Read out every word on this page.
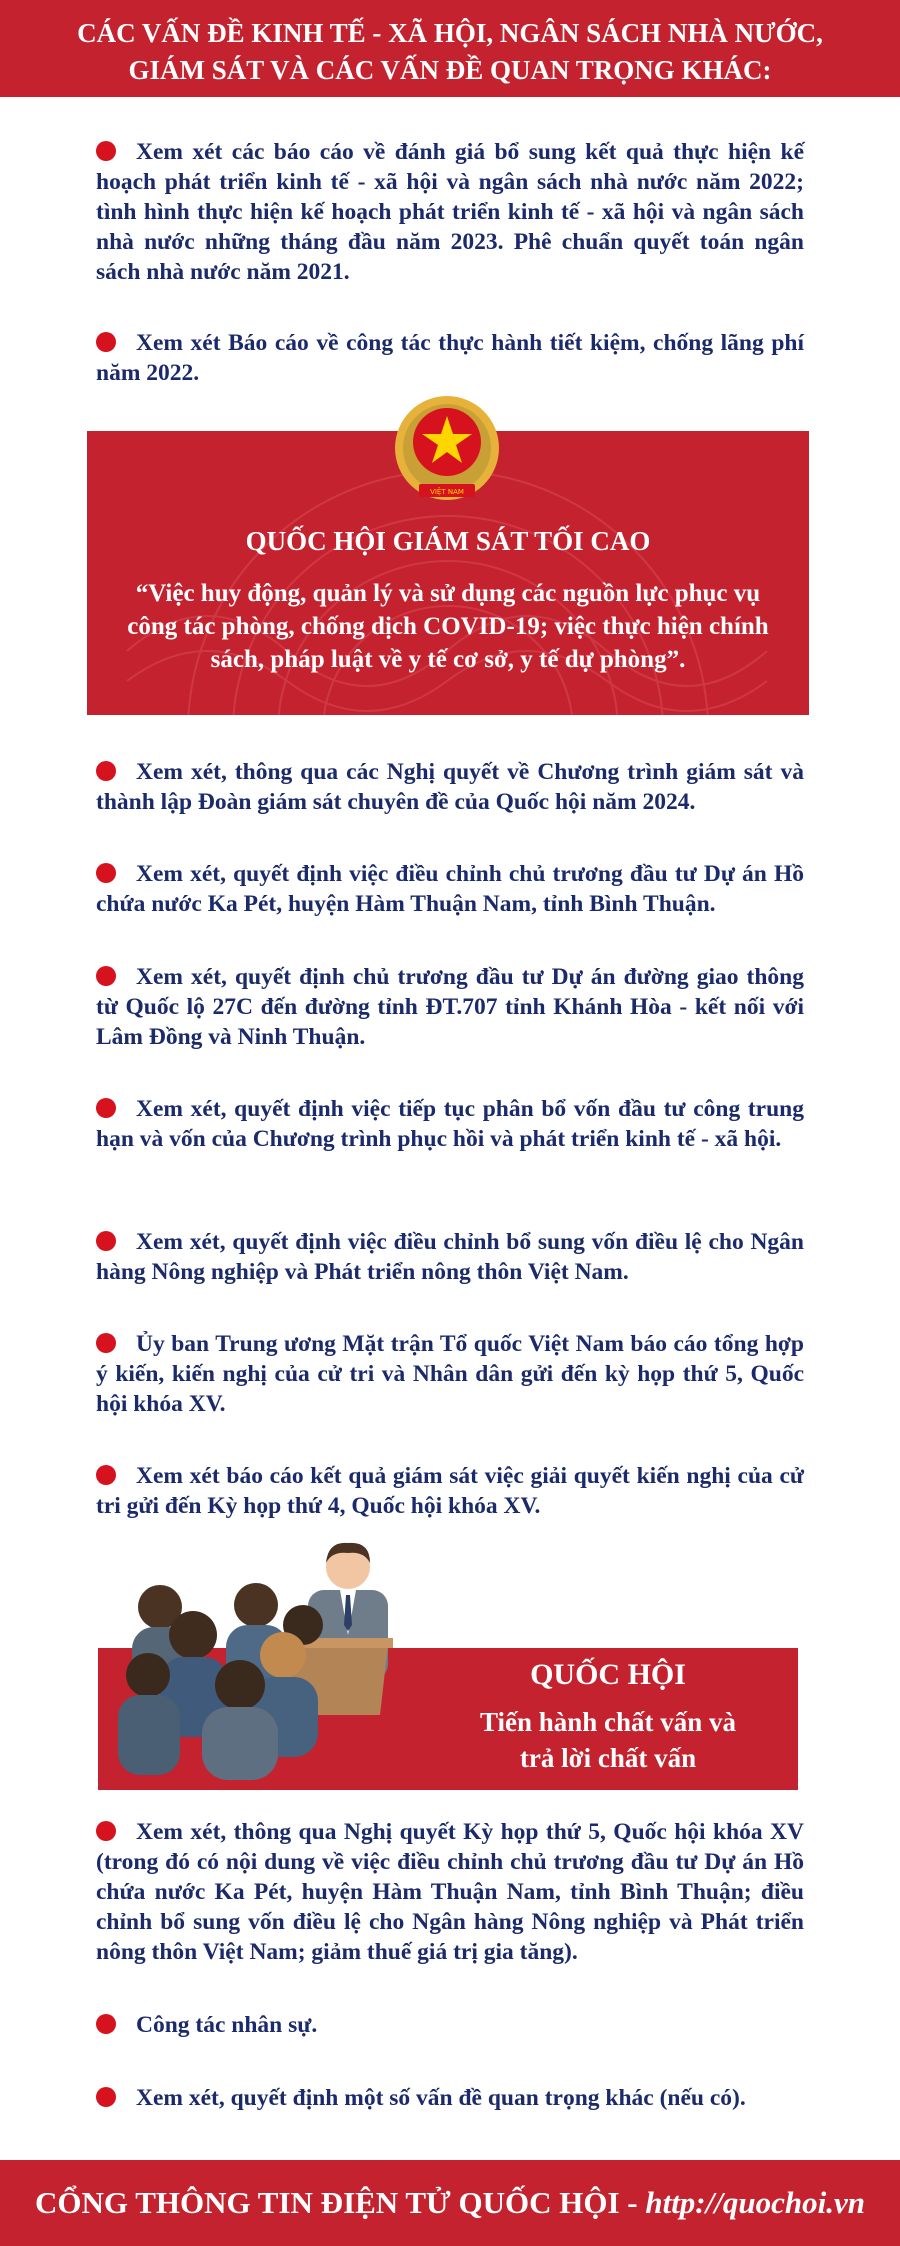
CÁC VẤN ĐỀ KINH TẾ - XÃ HỘI, NGÂN SÁCH NHÀ NƯỚC,
GIÁM SÁT VÀ CÁC VẤN ĐỀ QUAN TRỌNG KHÁC:
Xem xét các báo cáo về đánh giá bổ sung kết quả thực hiện kế hoạch phát triển kinh tế - xã hội và ngân sách nhà nước năm 2022; tình hình thực hiện kế hoạch phát triển kinh tế - xã hội và ngân sách nhà nước những tháng đầu năm 2023. Phê chuẩn quyết toán ngân sách nhà nước năm 2021.
Xem xét Báo cáo về công tác thực hành tiết kiệm, chống lãng phí năm 2022.
QUỐC HỘI GIÁM SÁT TỐI CAO
“Việc huy động, quản lý và sử dụng các nguồn lực phục vụ công tác phòng, chống dịch COVID-19; việc thực hiện chính sách, pháp luật về y tế cơ sở, y tế dự phòng”.
VIỆT NAM
Xem xét, thông qua các Nghị quyết về Chương trình giám sát và thành lập Đoàn giám sát chuyên đề của Quốc hội năm 2024.
Xem xét, quyết định việc điều chỉnh chủ trương đầu tư Dự án Hồ chứa nước Ka Pét, huyện Hàm Thuận Nam, tỉnh Bình Thuận.
Xem xét, quyết định chủ trương đầu tư Dự án đường giao thông từ Quốc lộ 27C đến đường tỉnh ĐT.707 tỉnh Khánh Hòa - kết nối với Lâm Đồng và Ninh Thuận.
Xem xét, quyết định việc tiếp tục phân bổ vốn đầu tư công trung hạn và vốn của Chương trình phục hồi và phát triển kinh tế - xã hội.
Xem xét, quyết định việc điều chỉnh bổ sung vốn điều lệ cho Ngân hàng Nông nghiệp và Phát triển nông thôn Việt Nam.
Ủy ban Trung ương Mặt trận Tổ quốc Việt Nam báo cáo tổng hợp ý kiến, kiến nghị của cử tri và Nhân dân gửi đến kỳ họp thứ 5, Quốc hội khóa XV.
Xem xét báo cáo kết quả giám sát việc giải quyết kiến nghị của cử tri gửi đến Kỳ họp thứ 4, Quốc hội khóa XV.
QUỐC HỘI
Tiến hành chất vấn và
trả lời chất vấn
Xem xét, thông qua Nghị quyết Kỳ họp thứ 5, Quốc hội khóa XV (trong đó có nội dung về việc điều chỉnh chủ trương đầu tư Dự án Hồ chứa nước Ka Pét, huyện Hàm Thuận Nam, tỉnh Bình Thuận; điều chỉnh bổ sung vốn điều lệ cho Ngân hàng Nông nghiệp và Phát triển nông thôn Việt Nam; giảm thuế giá trị gia tăng).
Công tác nhân sự.
Xem xét, quyết định một số vấn đề quan trọng khác (nếu có).
CỔNG THÔNG TIN ĐIỆN TỬ QUỐC HỘI - http://quochoi.vn
